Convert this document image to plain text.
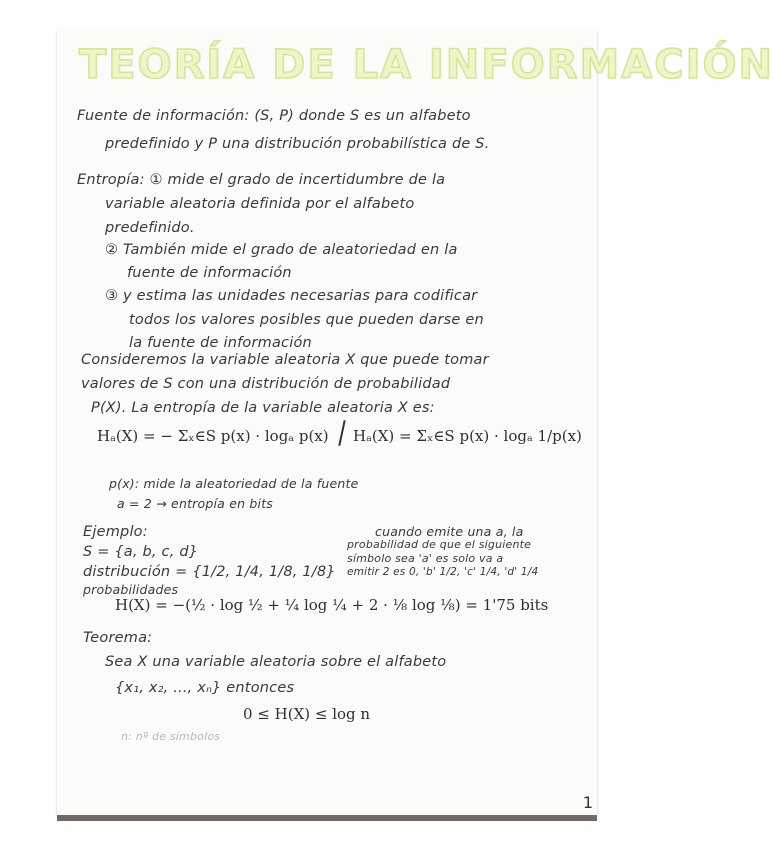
TEORÍA DE LA INFORMACIÓN
Fuente de información: (S, P) donde S es un alfabeto
predefinido y P una distribución probabilística de S.
Entropía: ① mide el grado de incertidumbre de la
variable aleatoria definida por el alfabeto
predefinido.
② También mide el grado de aleatoriedad en la
fuente de información
③ y estima las unidades necesarias para codificar
todos los valores posibles que pueden darse en
la fuente de información
Consideremos la variable aleatoria X que puede tomar
valores de S con una distribución de probabilidad
P(X). La entropía de la variable aleatoria X es:
Hₐ(X) = − Σₓ∈S p(x) · logₐ p(x) Hₐ(X) = Σₓ∈S p(x) · logₐ 1/p(x)
p(x): mide la aleatoriedad de la fuente
a = 2 → entropía en bits
Ejemplo:
S = {a, b, c, d}
distribución = {1/2, 1/4, 1/8, 1/8}
probabilidades
cuando emite una a, la
probabilidad de que el siguiente
símbolo sea 'a' es solo va a
emitir 2 es 0, 'b' 1/2, 'c' 1/4, 'd' 1/4
H(X) = −(½ · log ½ + ¼ log ¼ + 2 · ⅛ log ⅛) = 1'75 bits
Teorema:
Sea X una variable aleatoria sobre el alfabeto
{x₁, x₂, ..., xₙ} entonces
0 ≤ H(X) ≤ log n
n: nº de símbolos
1
